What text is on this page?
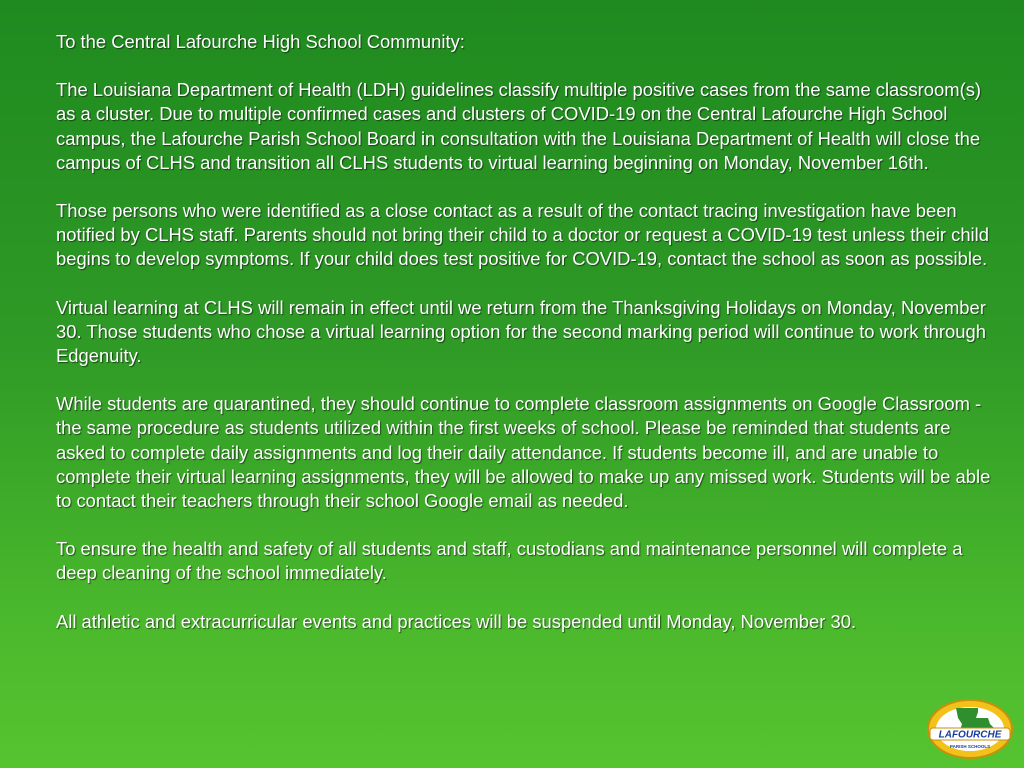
To the Central Lafourche High School Community:

The Louisiana Department of Health (LDH) guidelines classify multiple positive cases from the same classroom(s) as a cluster. Due to multiple confirmed cases and clusters of COVID-19 on the Central Lafourche High School campus, the Lafourche Parish School Board in consultation with the Louisiana Department of Health will close the campus of CLHS and transition all CLHS students to virtual learning beginning on Monday, November 16th.

Those persons who were identified as a close contact as a result of the contact tracing investigation have been notified by CLHS staff. Parents should not bring their child to a doctor or request a COVID-19 test unless their child begins to develop symptoms. If your child does test positive for COVID-19, contact the school as soon as possible.

Virtual learning at CLHS will remain in effect until we return from the Thanksgiving Holidays on Monday, November 30. Those students who chose a virtual learning option for the second marking period will continue to work through Edgenuity.

While students are quarantined, they should continue to complete classroom assignments on Google Classroom - the same procedure as students utilized within the first weeks of school. Please be reminded that students are asked to complete daily assignments and log their daily attendance. If students become ill, and are unable to complete their virtual learning assignments, they will be allowed to make up any missed work. Students will be able to contact their teachers through their school Google email as needed.

To ensure the health and safety of all students and staff, custodians and maintenance personnel will complete a deep cleaning of the school immediately.

All athletic and extracurricular events and practices will be suspended until Monday, November 30.

LAFOURCHE
PARISH SCHOOLS
